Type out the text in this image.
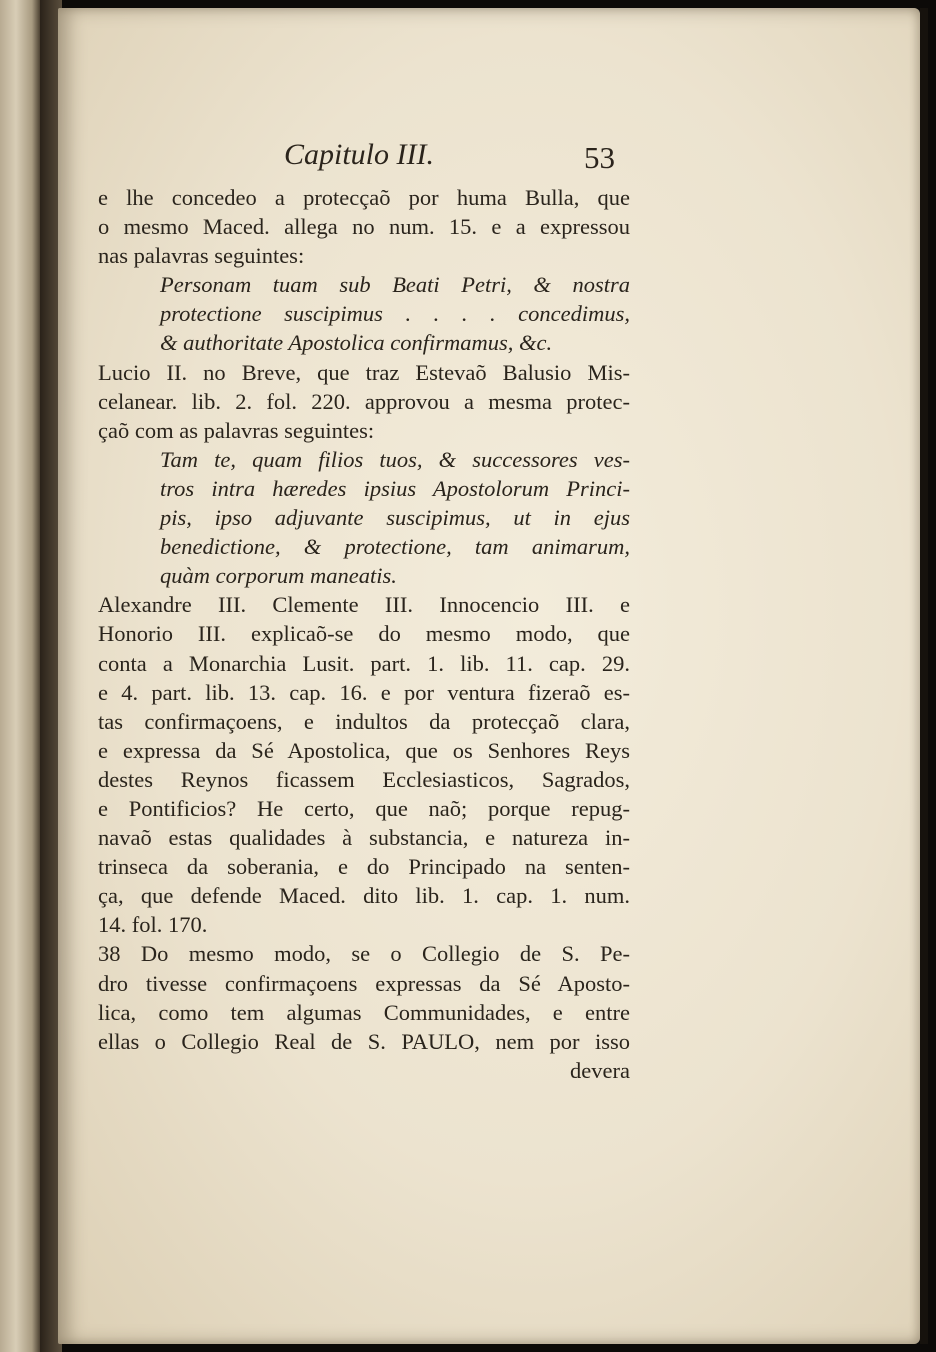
Capitulo III.	53
e lhe concedeo a protecçaõ por huma Bulla, que
o mesmo Maced. allega no num. 15. e a expressou
nas palavras seguintes:
Personam tuam sub Beati Petri, & nostra
protectione suscipimus . . . . concedimus,
& authoritate Apostolica confirmamus, &c.
Lucio II. no Breve, que traz Estevaõ Balusio Mis-
celanear. lib. 2. fol. 220. approvou a mesma protec-
çaõ com as palavras seguintes:
Tam te, quam filios tuos, & successores ves-
tros intra hæredes ipsius Apostolorum Princi-
pis, ipso adjuvante suscipimus, ut in ejus
benedictione, & protectione, tam animarum,
quàm corporum maneatis.
Alexandre III. Clemente III. Innocencio III. e
Honorio III. explicaõ-se do mesmo modo, que
conta a Monarchia Lusit. part. 1. lib. 11. cap. 29.
e 4. part. lib. 13. cap. 16. e por ventura fizeraõ es-
tas confirmaçoens, e indultos da protecçaõ clara,
e expressa da Sé Apostolica, que os Senhores Reys
destes Reynos ficassem Ecclesiasticos, Sagrados,
e Pontificios? He certo, que naõ; porque repug-
navaõ estas qualidades à substancia, e natureza in-
trinseca da soberania, e do Principado na senten-
ça, que defende Maced. dito lib. 1. cap. 1. num.
14. fol. 170.
38 Do mesmo modo, se o Collegio de S. Pe-
dro tivesse confirmaçoens expressas da Sé Aposto-
lica, como tem algumas Communidades, e entre
ellas o Collegio Real de S. PAULO, nem por isso
devera
